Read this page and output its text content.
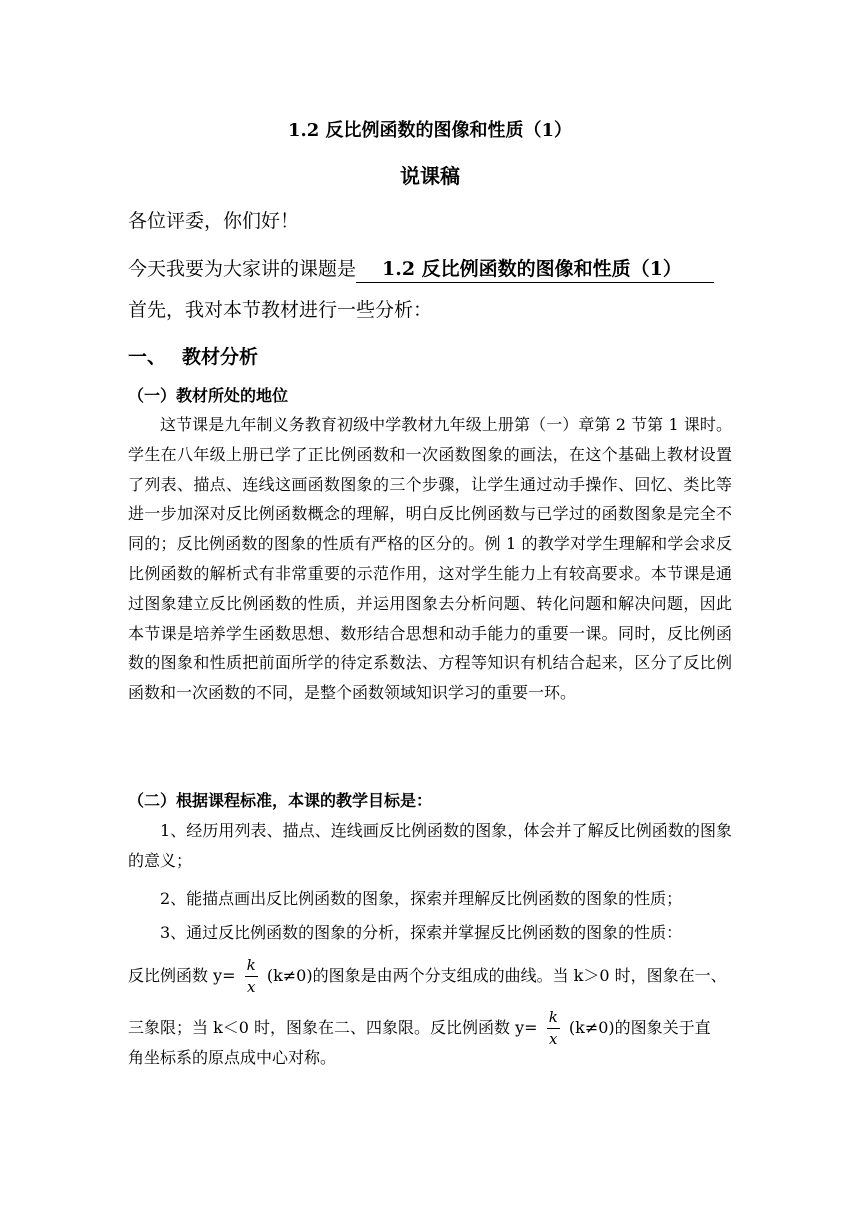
1.2 反比例函数的图像和性质（1）
说课稿
各位评委，你们好！
今天我要为大家讲的课题是 1.2 反比例函数的图像和性质（1）
首先，我对本节教材进行一些分析：
一、 教材分析
（一）教材所处的地位
这节课是九年制义务教育初级中学教材九年级上册第（一）章第 2 节第 1 课时。学生在八年级上册已学了正比例函数和一次函数图象的画法，在这个基础上教材设置了列表、描点、连线这画函数图象的三个步骤，让学生通过动手操作、回忆、类比等进一步加深对反比例函数概念的理解，明白反比例函数与已学过的函数图象是完全不同的；反比例函数的图象的性质有严格的区分的。例 1 的教学对学生理解和学会求反比例函数的解析式有非常重要的示范作用，这对学生能力上有较高要求。本节课是通过图象建立反比例函数的性质，并运用图象去分析问题、转化问题和解决问题，因此本节课是培养学生函数思想、数形结合思想和动手能力的重要一课。同时，反比例函数的图象和性质把前面所学的待定系数法、方程等知识有机结合起来，区分了反比例函数和一次函数的不同，是整个函数领域知识学习的重要一环。
（二）根据课程标准，本课的教学目标是：
1、经历用列表、描点、连线画反比例函数的图象，体会并了解反比例函数的图象的意义；
2、能描点画出反比例函数的图象，探索并理解反比例函数的图象的性质；
3、通过反比例函数的图象的分析，探索并掌握反比例函数的图象的性质：
反比例函数 $y= \frac{k}{x} (k\ne 0)$的图象是由两个分支组成的曲线。当 k＞0 时，图象在一、
三象限；当 k＜0 时，图象在二、四象限。反比例函数 $y= \frac{k}{x} (k\ne 0)$的图象关于直
角坐标系的原点成中心对称。
